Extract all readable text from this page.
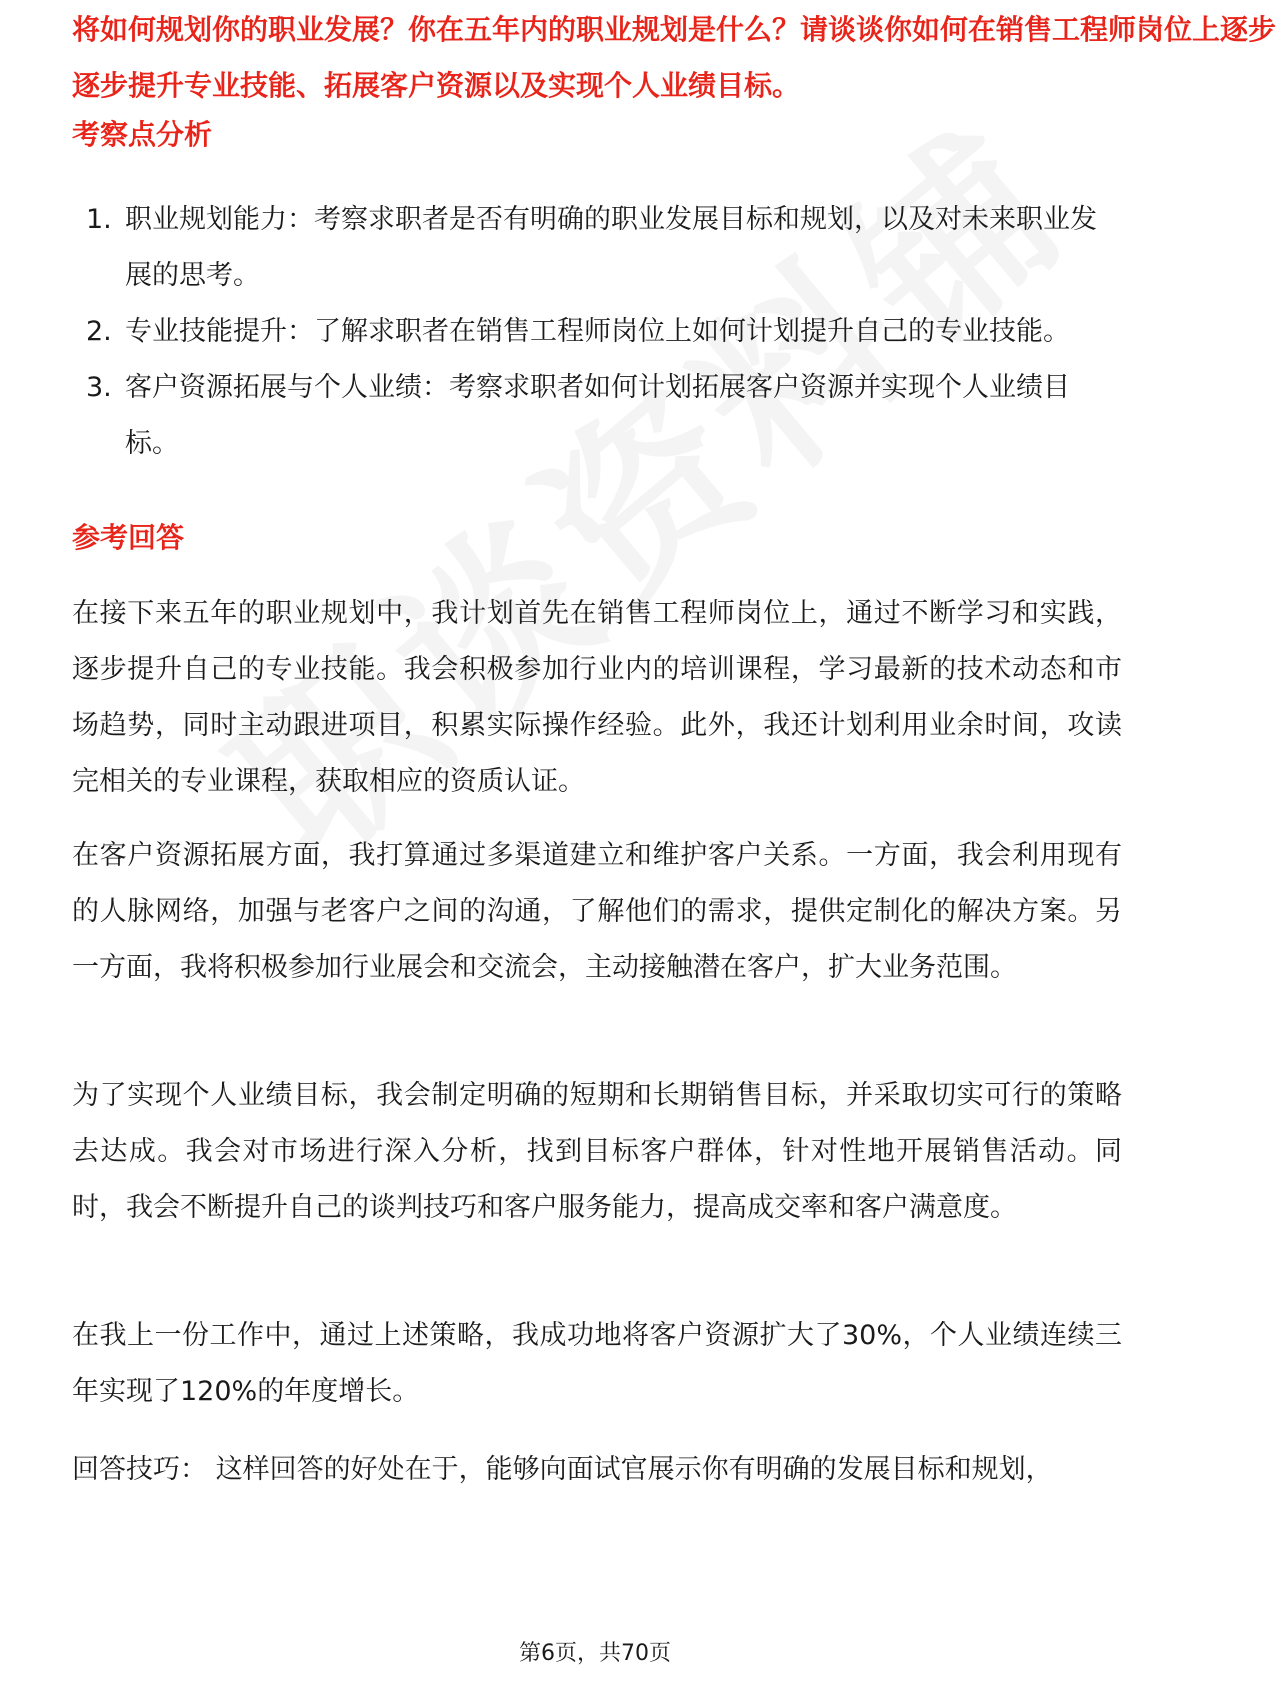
将如何规划你的职业发展？你在五年内的职业规划是什么？请谈谈你如何在销售工程师岗位上逐步
逐步提升专业技能、拓展客户资源以及实现个人业绩目标。
考察点分析
1. 职业规划能力：考察求职者是否有明确的职业发展目标和规划，以及对未来职业发展的思考。
2. 专业技能提升：了解求职者在销售工程师岗位上如何计划提升自己的专业技能。
3. 客户资源拓展与个人业绩：考察求职者如何计划拓展客户资源并实现个人业绩目标。
参考回答

在接下来五年的职业规划中，我计划首先在销售工程师岗位上，通过不断学习和实践，逐步提升自己的专业技能。我会积极参加行业内的培训课程，学习最新的技术动态和市场趋势，同时主动跟进项目，积累实际操作经验。此外，我还计划利用业余时间，攻读完相关的专业课程，获取相应的资质认证。

在客户资源拓展方面，我打算通过多渠道建立和维护客户关系。一方面，我会利用现有的人脉网络，加强与老客户之间的沟通，了解他们的需求，提供定制化的解决方案。另一方面，我将积极参加行业展会和交流会，主动接触潜在客户，扩大业务范围。

为了实现个人业绩目标，我会制定明确的短期和长期销售目标，并采取切实可行的策略去达成。我会对市场进行深入分析，找到目标客户群体，针对性地开展销售活动。同时，我会不断提升自己的谈判技巧和客户服务能力，提高成交率和客户满意度。

在我上一份工作中，通过上述策略，我成功地将客户资源扩大了30%，个人业绩连续三年实现了120%的年度增长。

回答技巧： 这样回答的好处在于，能够向面试官展示你有明确的发展目标和规划，

第6页，共70页
